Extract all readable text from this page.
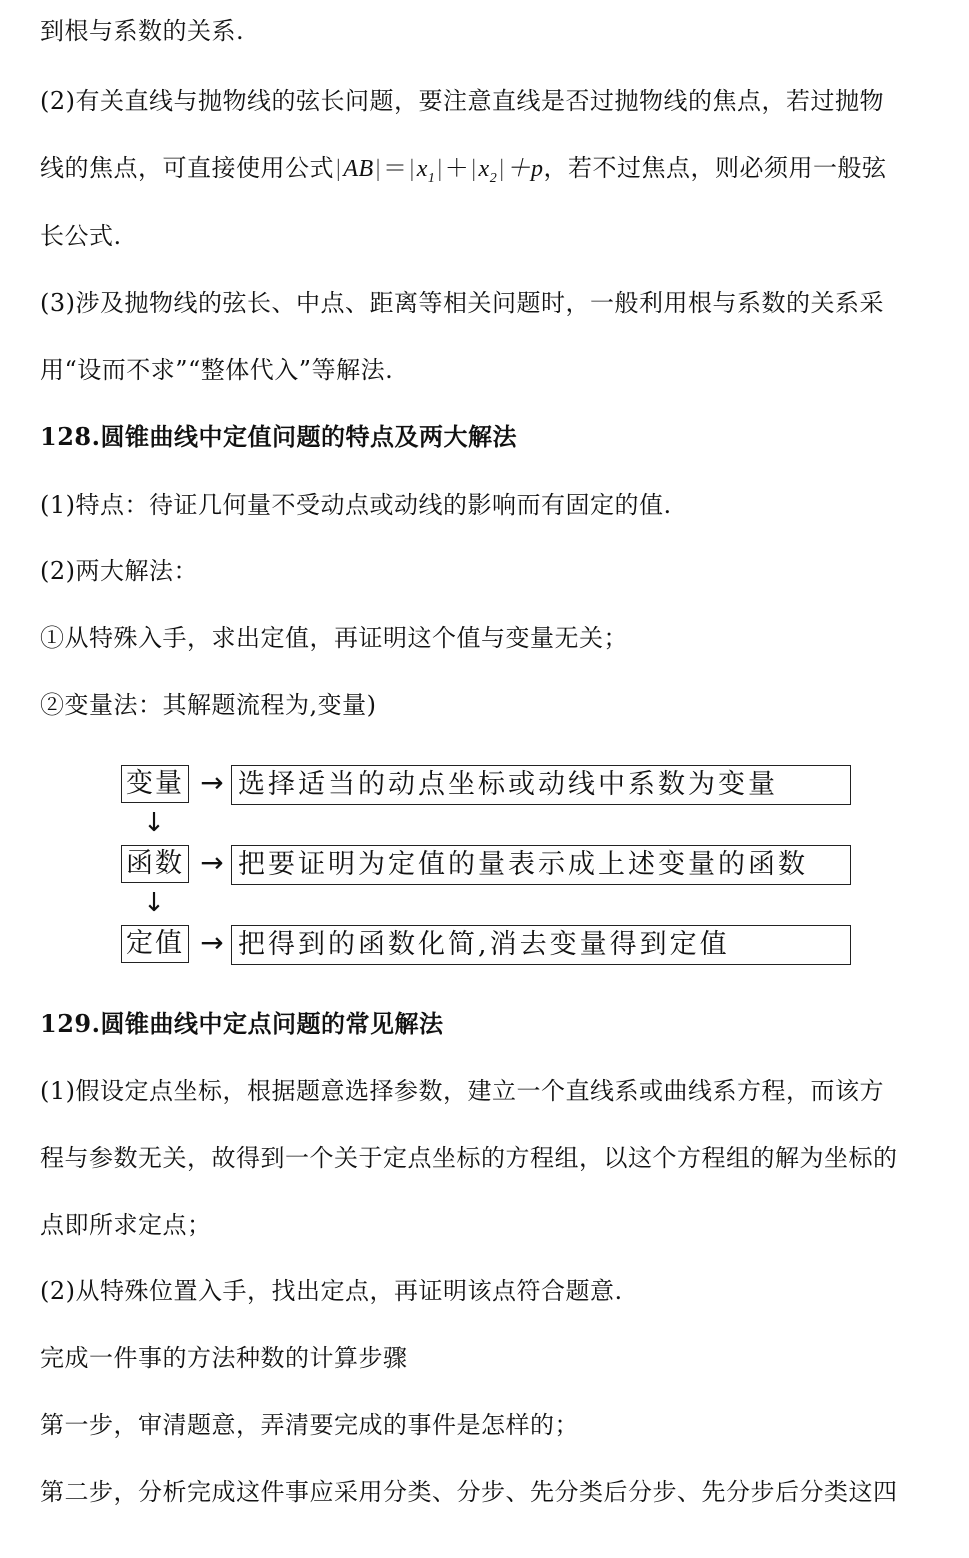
到根与系数的关系.
(2)有关直线与抛物线的弦长问题，要注意直线是否过抛物线的焦点，若过抛物
线的焦点，可直接使用公式$|AB|=|x_1|+|x_2|+p$，若不过焦点，则必须用一般弦
长公式.
(3)涉及抛物线的弦长、中点、距离等相关问题时，一般利用根与系数的关系采
用“设而不求”“整体代入”等解法.
128.圆锥曲线中定值问题的特点及两大解法
(1)特点：待证几何量不受动点或动线的影响而有固定的值.
(2)两大解法：
①从特殊入手，求出定值，再证明这个值与变量无关；
②变量法：其解题流程为,变量)
变量 → 选择适当的动点坐标或动线中系数为变量
↓
函数 → 把要证明为定值的量表示成上述变量的函数
↓
定值 → 把得到的函数化简,消去变量得到定值
129.圆锥曲线中定点问题的常见解法
(1)假设定点坐标，根据题意选择参数，建立一个直线系或曲线系方程，而该方
程与参数无关，故得到一个关于定点坐标的方程组，以这个方程组的解为坐标的
点即所求定点；
(2)从特殊位置入手，找出定点，再证明该点符合题意.
完成一件事的方法种数的计算步骤
第一步，审清题意，弄清要完成的事件是怎样的；
第二步，分析完成这件事应采用分类、分步、先分类后分步、先分步后分类这四
